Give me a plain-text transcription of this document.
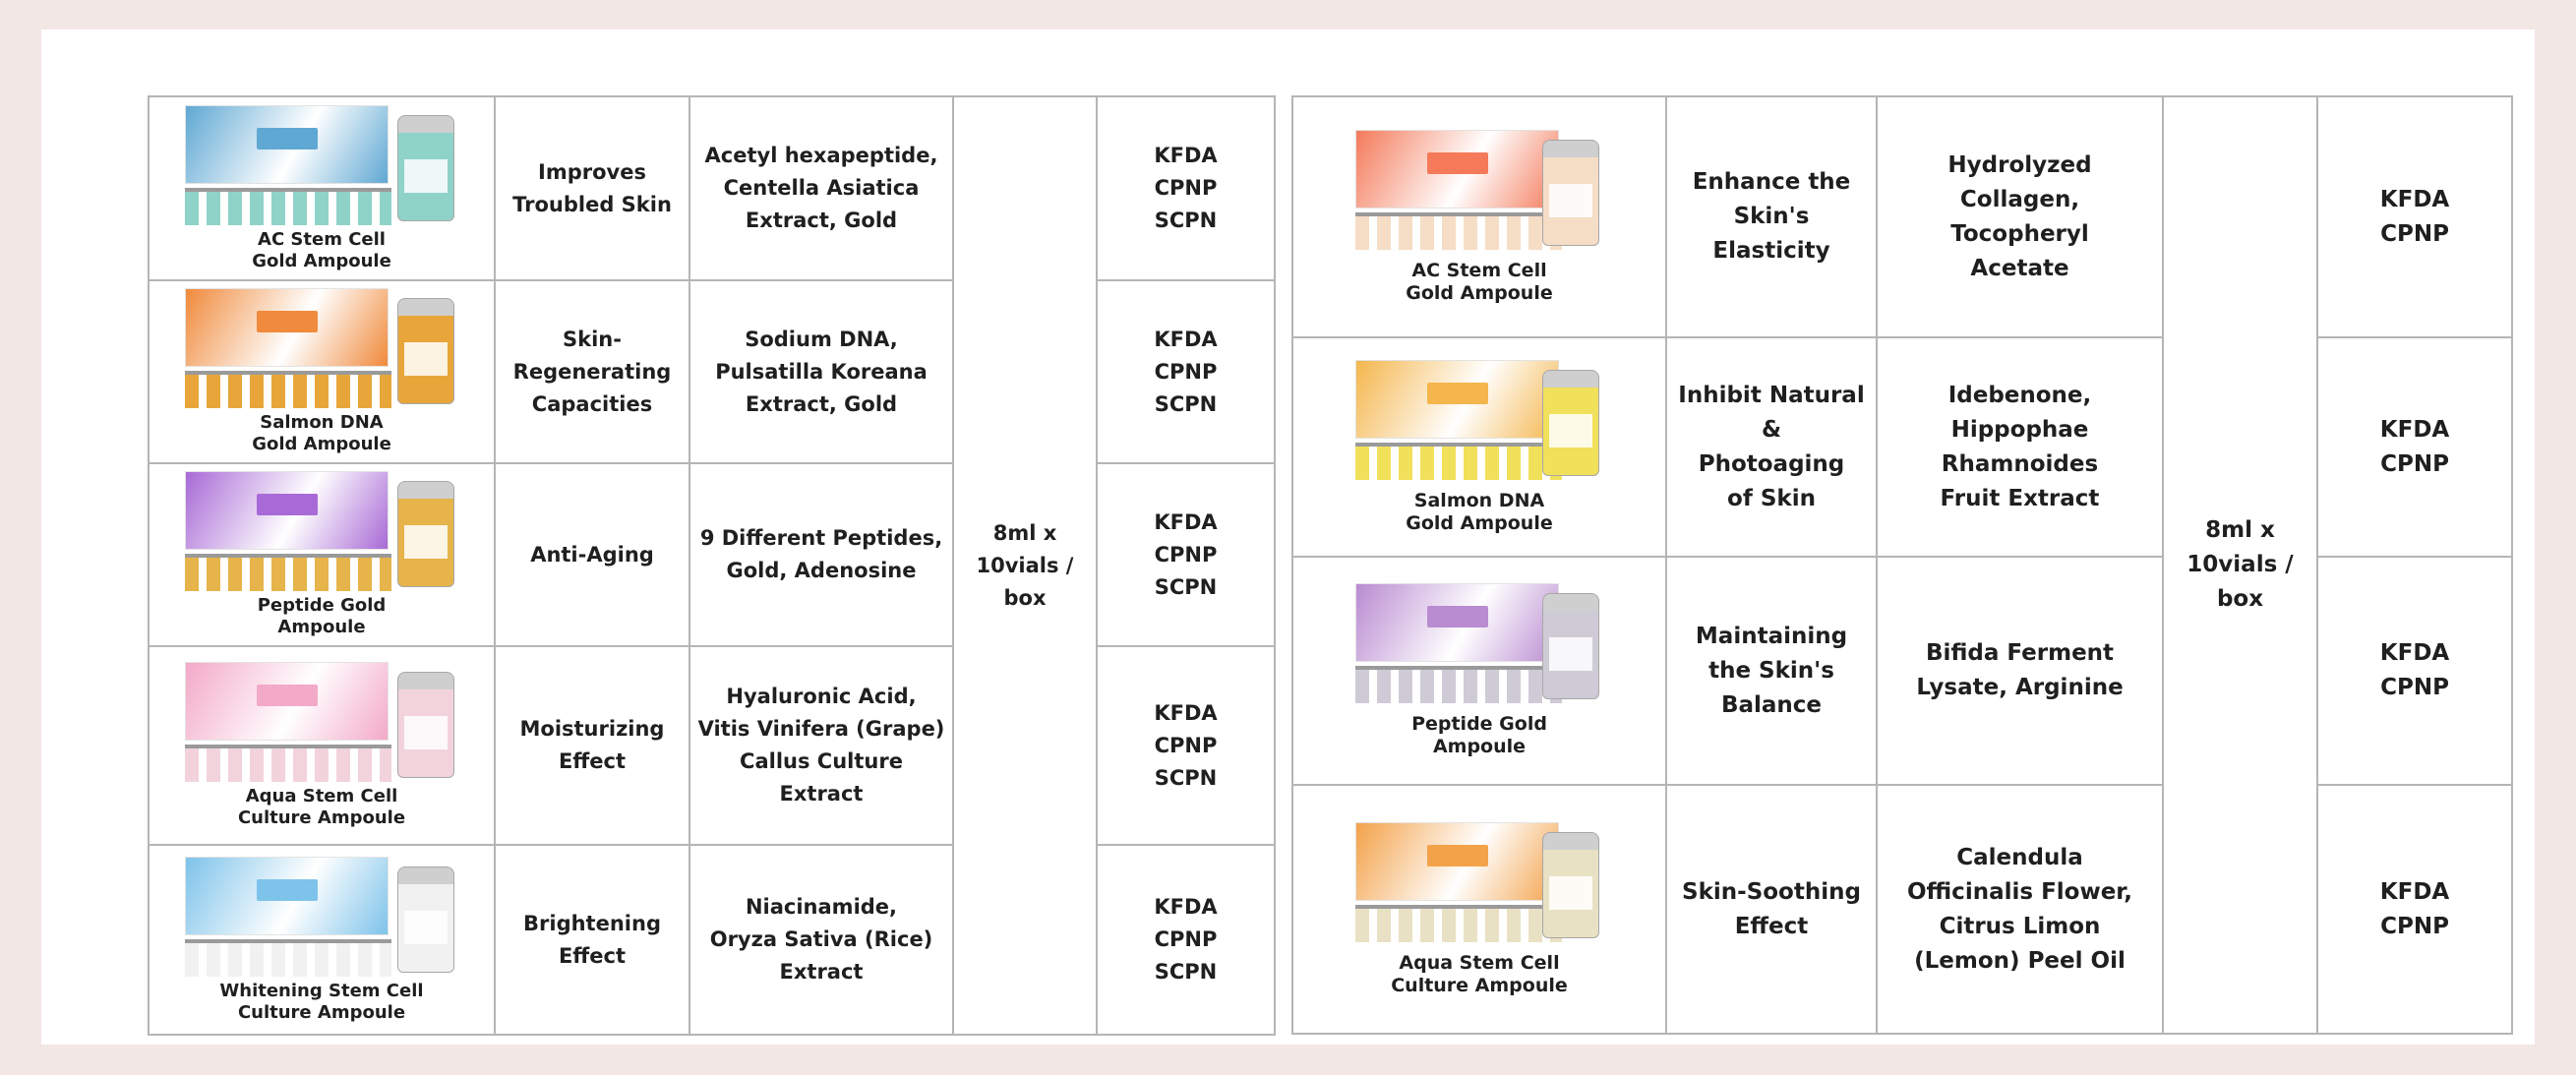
AC Stem Cell
Gold Ampoule	Improves
Troubled Skin	Acetyl hexapeptide,
Centella Asiatica
Extract, Gold	8ml x
10vials /
box	KFDA
CPNP
SCPN

Salmon DNA
Gold Ampoule	Skin-
Regenerating
Capacities	Sodium DNA,
Pulsatilla Koreana
Extract, Gold		KFDA
CPNP
SCPN

Peptide Gold
Ampoule	Anti-Aging	9 Different Peptides,
Gold, Adenosine		KFDA
CPNP
SCPN

Aqua Stem Cell
Culture Ampoule	Moisturizing
Effect	Hyaluronic Acid,
Vitis Vinifera (Grape)
Callus Culture Extract		KFDA
CPNP
SCPN

Whitening Stem Cell
Culture Ampoule	Brightening
Effect	Niacinamide,
Oryza Sativa (Rice)
Extract		KFDA
CPNP
SCPN
AC Stem Cell
Gold Ampoule	Enhance the
Skin's Elasticity	Hydrolyzed
Collagen,
Tocopheryl
Acetate	8ml x
10vials /
box	KFDA
CPNP

Salmon DNA
Gold Ampoule	Inhibit Natural &
Photoaging
of Skin	Idebenone,
Hippophae
Rhamnoides
Fruit Extract		KFDA
CPNP

Peptide Gold
Ampoule	Maintaining
the Skin's
Balance	Bifida Ferment
Lysate, Arginine		KFDA
CPNP

Aqua Stem Cell
Culture Ampoule	Skin-Soothing
Effect	Calendula
Officinalis Flower,
Citrus Limon
(Lemon) Peel Oil		KFDA
CPNP
